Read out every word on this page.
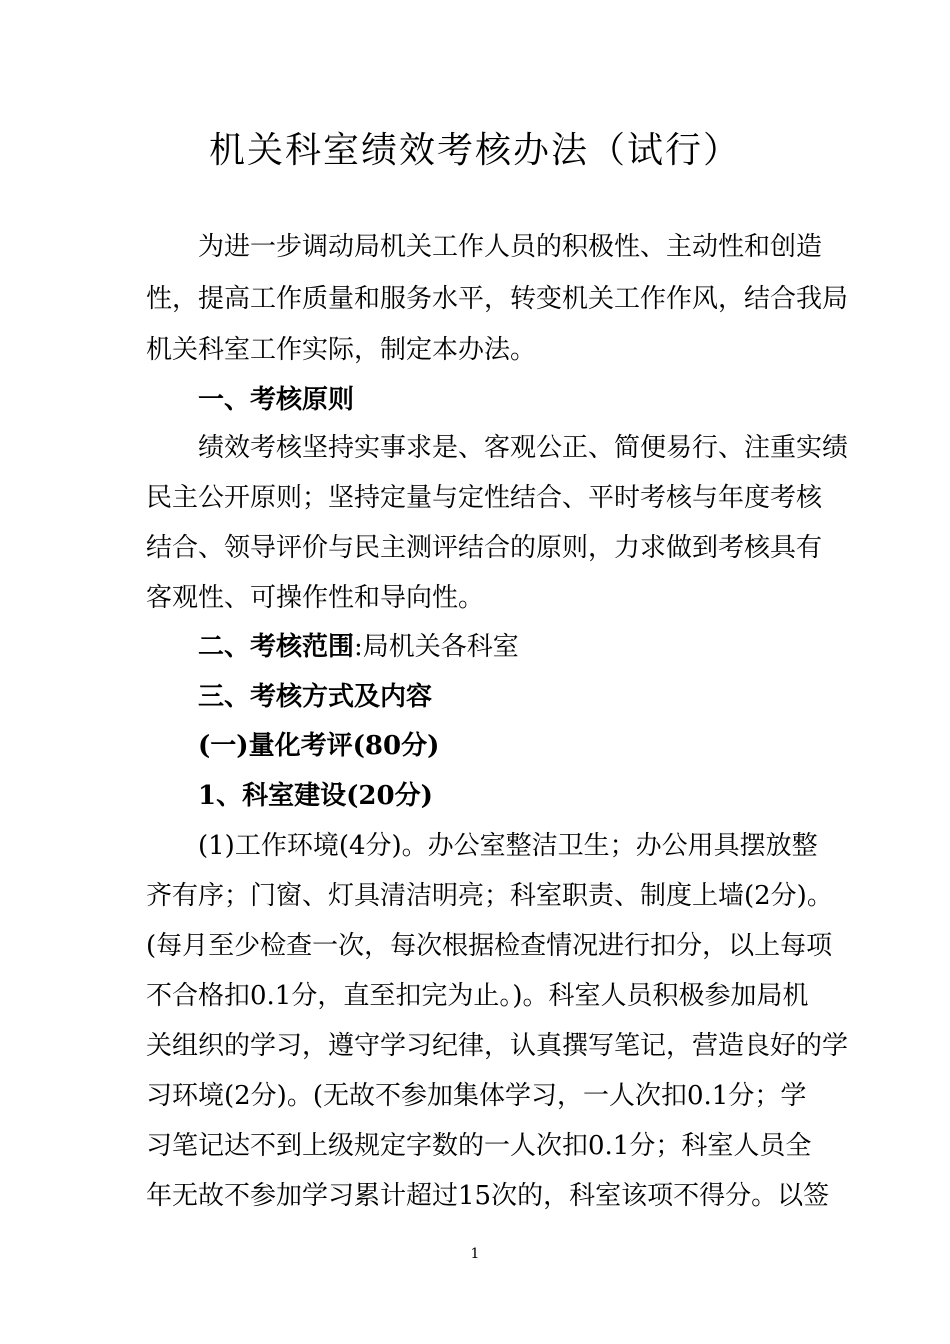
机关科室绩效考核办法（试行）
为进一步调动局机关工作人员的积极性、主动性和创造
性，提高工作质量和服务水平，转变机关工作作风，结合我局
机关科室工作实际，制定本办法。
一、考核原则
绩效考核坚持实事求是、客观公正、简便易行、注重实绩
民主公开原则；坚持定量与定性结合、平时考核与年度考核
结合、领导评价与民主测评结合的原则，力求做到考核具有
客观性、可操作性和导向性。
二、考核范围:局机关各科室
三、考核方式及内容
(一)量化考评(80分)
1、科室建设(20分)
(1)工作环境(4分)。办公室整洁卫生；办公用具摆放整
齐有序；门窗、灯具清洁明亮；科室职责、制度上墙(2分)。
(每月至少检查一次，每次根据检查情况进行扣分，以上每项
不合格扣0.1分，直至扣完为止。)。科室人员积极参加局机
关组织的学习，遵守学习纪律，认真撰写笔记，营造良好的学
习环境(2分)。(无故不参加集体学习，一人次扣0.1分；学
习笔记达不到上级规定字数的一人次扣0.1分；科室人员全
年无故不参加学习累计超过15次的，科室该项不得分。以签
1
